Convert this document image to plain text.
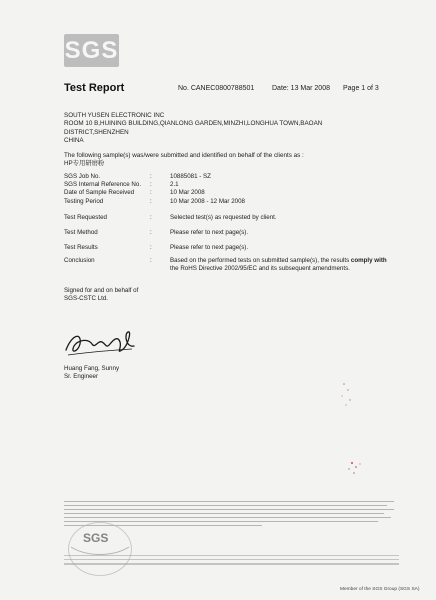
SGS
Test Report	No. CANEC0800788501	Date: 13 Mar 2008 Page 1 of 3
SOUTH YUSEN ELECTRONIC INC
ROOM 10 B,HUINING BUILDING,QIANLONG GARDEN,MINZHI,LONGHUA TOWN,BAOAN
DISTRICT,SHENZHEN
CHINA
The following sample(s) was/were submitted and identified on behalf of the clients as :
HP专用研磨粉
SGS Job No.	:	10885081 - SZ
SGS Internal Reference No. :	2.1
Date of Sample Received	:	10 Mar 2008
Testing Period	:	10 Mar 2008 - 12 Mar 2008
Test Requested	:	Selected test(s) as requested by client.
Test Method	:	Please refer to next page(s).
Test Results	:	Please refer to next page(s).
Conclusion	:	Based on the performed tests on submitted sample(s), the results comply with the RoHS Directive 2002/95/EC and its subsequent amendments.
Signed for and on behalf of
SGS-CSTC Ltd.
Huang Fang, Sunny
Sr. Engineer
SGS
Member of the SGS Group (SGS SA)
